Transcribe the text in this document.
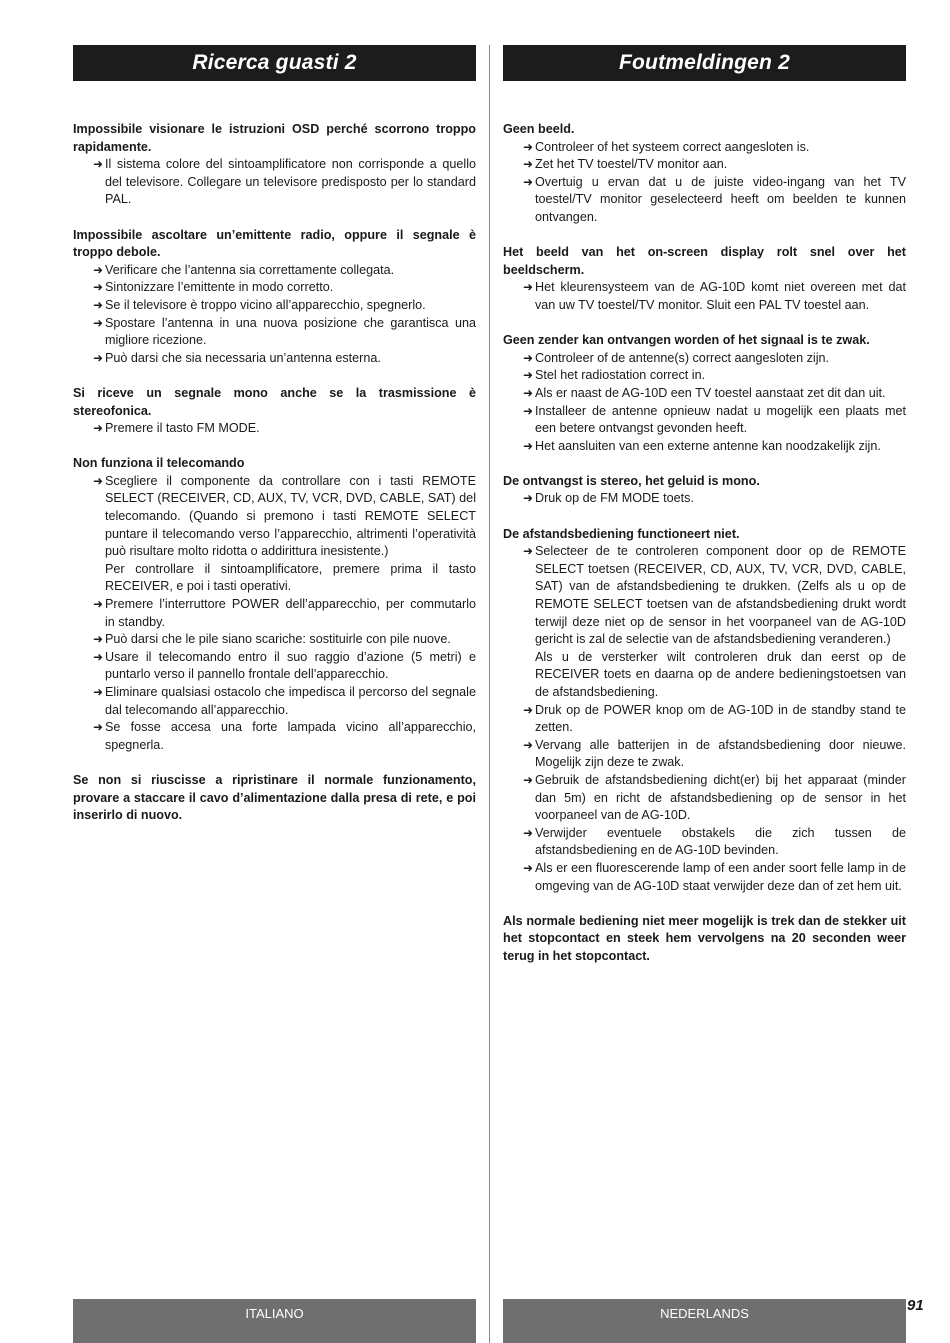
Ricerca guasti 2
Impossibile visionare le istruzioni OSD perché scorrono troppo rapidamente.
➜ Il sistema colore del sintoamplificatore non corrisponde a quello del televisore. Collegare un televisore predisposto per lo standard PAL.
Impossibile ascoltare un’emittente radio, oppure il segnale è troppo debole.
➜ Verificare che l’antenna sia correttamente collegata.
➜ Sintonizzare l’emittente in modo corretto.
➜ Se il televisore è troppo vicino all’apparecchio, spegnerlo.
➜ Spostare l’antenna in una nuova posizione che garantisca una migliore ricezione.
➜ Può darsi che sia necessaria un’antenna esterna.
Si riceve un segnale mono anche se la trasmissione è stereofonica.
➜ Premere il tasto FM MODE.
Non funziona il telecomando
➜ Scegliere il componente da controllare con i tasti REMOTE SELECT (RECEIVER, CD, AUX, TV, VCR, DVD, CABLE, SAT) del telecomando. (Quando si premono i tasti REMOTE SELECT puntare il telecomando verso l’apparecchio, altrimenti l’operatività può risultare molto ridotta o addirittura inesistente.)
Per controllare il sintoamplificatore, premere prima il tasto RECEIVER, e poi i tasti operativi.
➜ Premere l’interruttore POWER dell’apparecchio, per commutarlo in standby.
➜ Può darsi che le pile siano scariche: sostituirle con pile nuove.
➜ Usare il telecomando entro il suo raggio d’azione (5 metri) e puntarlo verso il pannello frontale dell’apparecchio.
➜ Eliminare qualsiasi ostacolo che impedisca il percorso del segnale dal telecomando all’apparecchio.
➜ Se fosse accesa una forte lampada vicino all’apparecchio, spegnerla.
Se non si riuscisse a ripristinare il normale funzionamento, provare a staccare il cavo d’alimentazione dalla presa di rete, e poi inserirlo di nuovo.
Foutmeldingen 2
Geen beeld.
➜ Controleer of het systeem correct aangesloten is.
➜ Zet het TV toestel/TV monitor aan.
➜ Overtuig u ervan dat u de juiste video-ingang van het TV toestel/TV monitor geselecteerd heeft om beelden te kunnen ontvangen.
Het beeld van het on-screen display rolt snel over het beeldscherm.
➜ Het kleurensysteem van de AG-10D komt niet overeen met dat van uw TV toestel/TV monitor. Sluit een PAL TV toestel aan.
Geen zender kan ontvangen worden of het signaal is te zwak.
➜ Controleer of de antenne(s) correct aangesloten zijn.
➜ Stel het radiostation correct in.
➜ Als er naast de AG-10D een TV toestel aanstaat zet dit dan uit.
➜ Installeer de antenne opnieuw nadat u mogelijk een plaats met een betere ontvangst gevonden heeft.
➜ Het aansluiten van een externe antenne kan noodzakelijk zijn.
De ontvangst is stereo, het geluid is mono.
➜ Druk op de FM MODE toets.
De afstandsbediening functioneert niet.
➜ Selecteer de te controleren component door op de REMOTE SELECT toetsen (RECEIVER, CD, AUX, TV, VCR, DVD, CABLE, SAT) van de afstandsbediening te drukken. (Zelfs als u op de REMOTE SELECT toetsen van de afstandsbediening drukt wordt terwijl deze niet op de sensor in het voorpaneel van de AG-10D gericht is zal de selectie van de afstandsbediening veranderen.)
Als u de versterker wilt controleren druk dan eerst op de RECEIVER toets en daarna op de andere bedieningstoetsen van de afstandsbediening.
➜ Druk op de POWER knop om de AG-10D in de standby stand te zetten.
➜ Vervang alle batterijen in de afstandsbediening door nieuwe. Mogelijk zijn deze te zwak.
➜ Gebruik de afstandsbediening dicht(er) bij het apparaat (minder dan 5m) en richt de afstandsbediening op de sensor in het voorpaneel van de AG-10D.
➜ Verwijder eventuele obstakels die zich tussen de afstandsbediening en de AG-10D bevinden.
➜ Als er een fluorescerende lamp of een ander soort felle lamp in de omgeving van de AG-10D staat verwijder deze dan of zet hem uit.
Als normale bediening niet meer mogelijk is trek dan de stekker uit het stopcontact en steek hem vervolgens na 20 seconden weer terug in het stopcontact.
ITALIANO	NEDERLANDS	91
